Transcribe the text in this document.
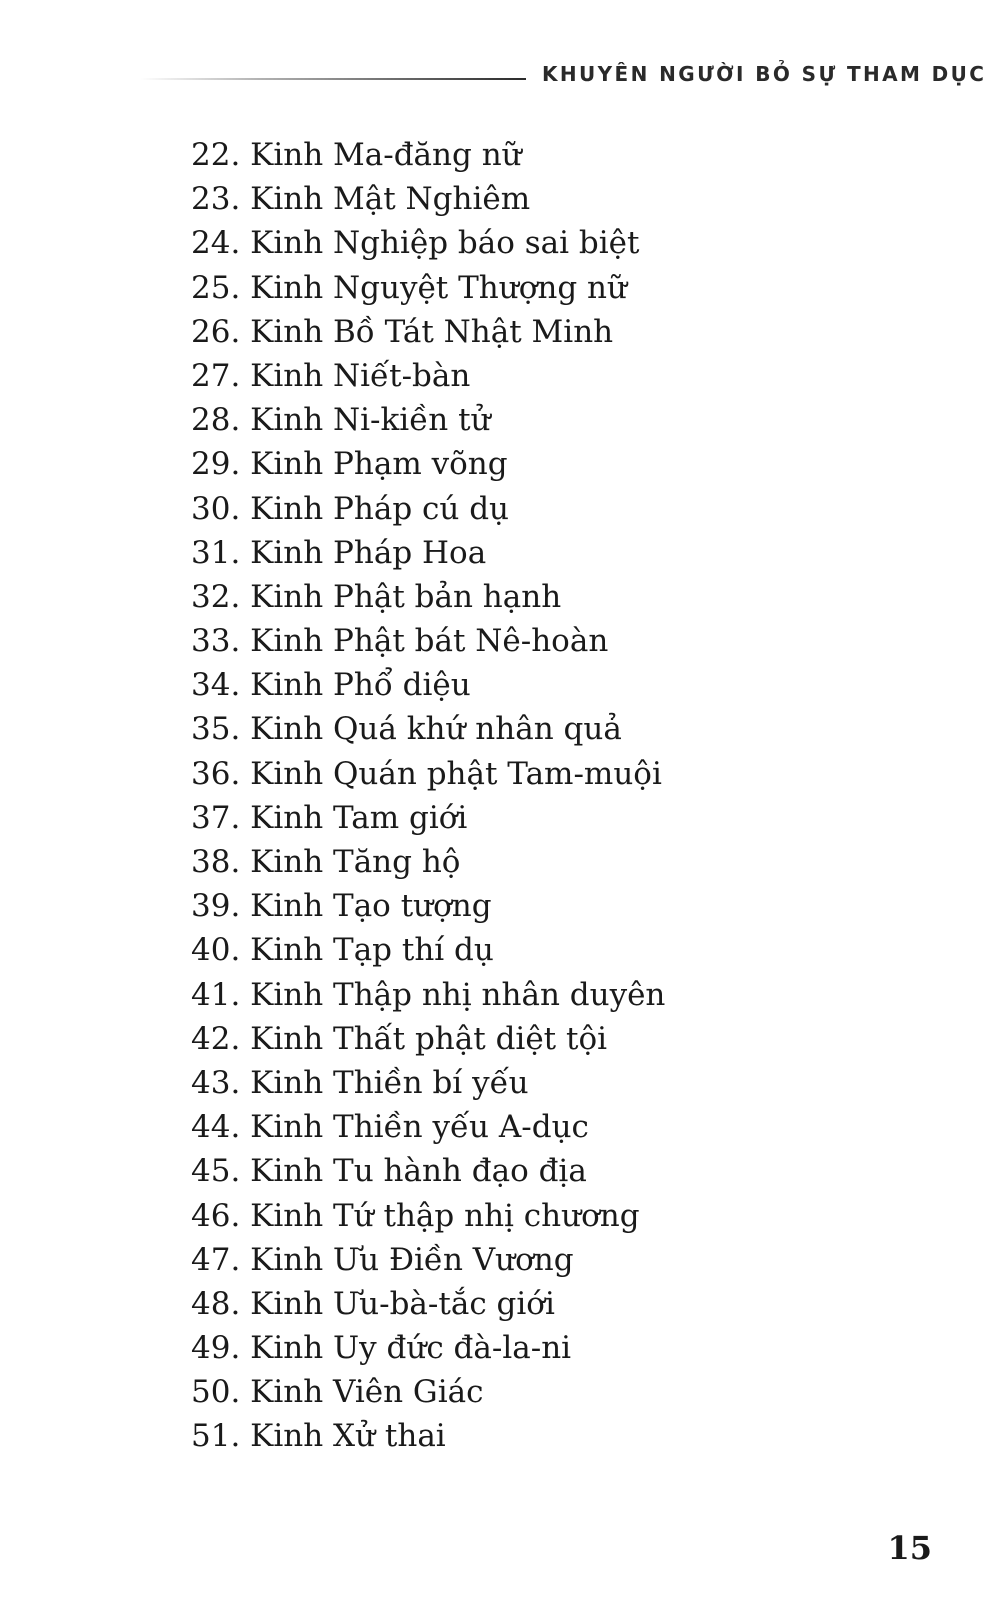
KHUYÊN NGƯỜI BỎ SỰ THAM DỤC
22. Kinh Ma-đăng nữ
23. Kinh Mật Nghiêm
24. Kinh Nghiệp báo sai biệt
25. Kinh Nguyệt Thượng nữ
26. Kinh Bồ Tát Nhật Minh
27. Kinh Niết-bàn
28. Kinh Ni-kiền tử
29. Kinh Phạm võng
30. Kinh Pháp cú dụ
31. Kinh Pháp Hoa
32. Kinh Phật bản hạnh
33. Kinh Phật bát Nê-hoàn
34. Kinh Phổ diệu
35. Kinh Quá khứ nhân quả
36. Kinh Quán phật Tam-muội
37. Kinh Tam giới
38. Kinh Tăng hộ
39. Kinh Tạo tượng
40. Kinh Tạp thí dụ
41. Kinh Thập nhị nhân duyên
42. Kinh Thất phật diệt tội
43. Kinh Thiền bí yếu
44. Kinh Thiền yếu A-dục
45. Kinh Tu hành đạo địa
46. Kinh Tứ thập nhị chương
47. Kinh Ưu Điền Vương
48. Kinh Ưu-bà-tắc giới
49. Kinh Uy đức đà-la-ni
50. Kinh Viên Giác
51. Kinh Xử thai
15
